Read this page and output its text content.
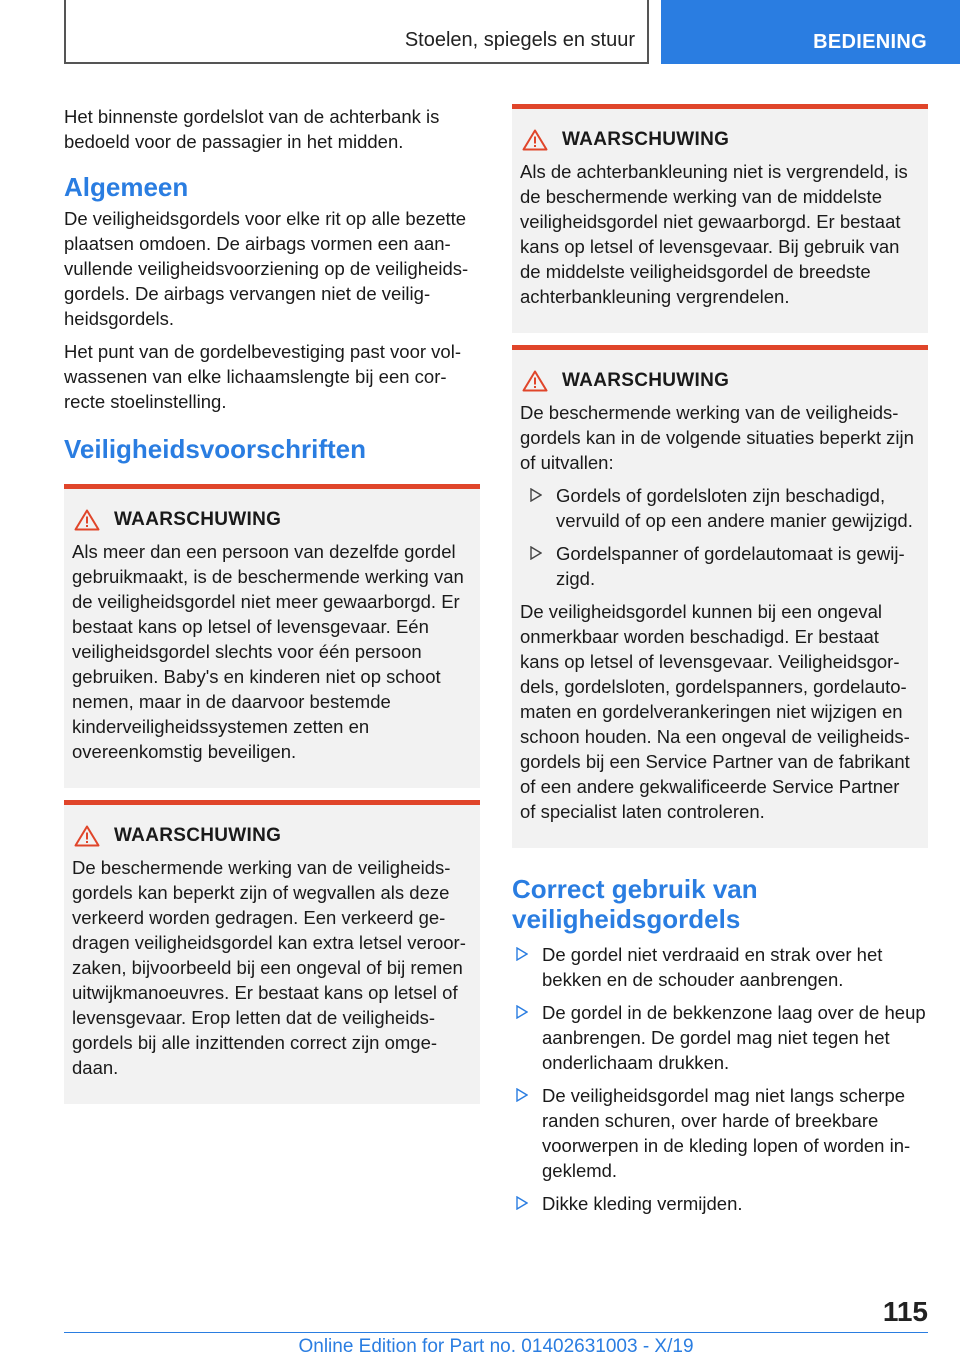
Stoelen, spiegels en stuur	BEDIENING

Het binnenste gordelslot van de achterbank is bedoeld voor de passagier in het midden.

Algemeen

De veiligheidsgordels voor elke rit op alle bezette plaatsen omdoen. De airbags vormen een aanvullende veiligheidsvoorziening op de veiligheidsgordels. De airbags vervangen niet de veiligheidsgordels.

Het punt van de gordelbevestiging past voor volwassenen van elke lichaamslengte bij een correcte stoelinstelling.

Veiligheidsvoorschriften
WAARSCHUWING

Als meer dan een persoon van dezelfde gordel gebruikmaakt, is de beschermende werking van de veiligheidsgordel niet meer gewaarborgd. Er bestaat kans op letsel of levensgevaar. Eén veiligheidsgordel slechts voor één persoon gebruiken. Baby's en kinderen niet op schoot nemen, maar in de daarvoor bestemde kinderveiligheidssystemen zetten en overeenkomstig beveiligen.

WAARSCHUWING

De beschermende werking van de veiligheidsgordels kan beperkt zijn of wegvallen als deze verkeerd worden gedragen. Een verkeerd gedragen veiligheidsgordel kan extra letsel veroorzaken, bijvoorbeeld bij een ongeval of bij remen uitwijkmanoeuvres. Er bestaat kans op letsel of levensgevaar. Erop letten dat de veiligheidsgordels bij alle inzittenden correct zijn omgedaan.

WAARSCHUWING

Als de achterbankleuning niet is vergrendeld, is de beschermende werking van de middelste veiligheidsgordel niet gewaarborgd. Er bestaat kans op letsel of levensgevaar. Bij gebruik van de middelste veiligheidsgordel de breedste achterbankleuning vergrendelen.

WAARSCHUWING

De beschermende werking van de veiligheidsgordels kan in de volgende situaties beperkt zijn of uitvallen:

Gordels of gordelsloten zijn beschadigd, vervuild of op een andere manier gewijzigd.
Gordelspanner of gordelautomaat is gewijzigd.

De veiligheidsgordel kunnen bij een ongeval onmerkbaar worden beschadigd. Er bestaat kans op letsel of levensgevaar. Veiligheidsgordels, gordelsloten, gordelspanners, gordelautomaten en gordelverankeringen niet wijzigen en schoon houden. Na een ongeval de veiligheidsgordels bij een Service Partner van de fabrikant of een andere gekwalificeerde Service Partner of specialist laten controleren.

Correct gebruik van veiligheidsgordels
De gordel niet verdraaid en strak over het bekken en de schouder aanbrengen.
De gordel in de bekkenzone laag over de heup aanbrengen. De gordel mag niet tegen het onderlichaam drukken.
De veiligheidsgordel mag niet langs scherpe randen schuren, over harde of breekbare voorwerpen in de kleding lopen of worden ingeklemd.
Dikke kleding vermijden.
115
Online Edition for Part no. 01402631003 - X/19
